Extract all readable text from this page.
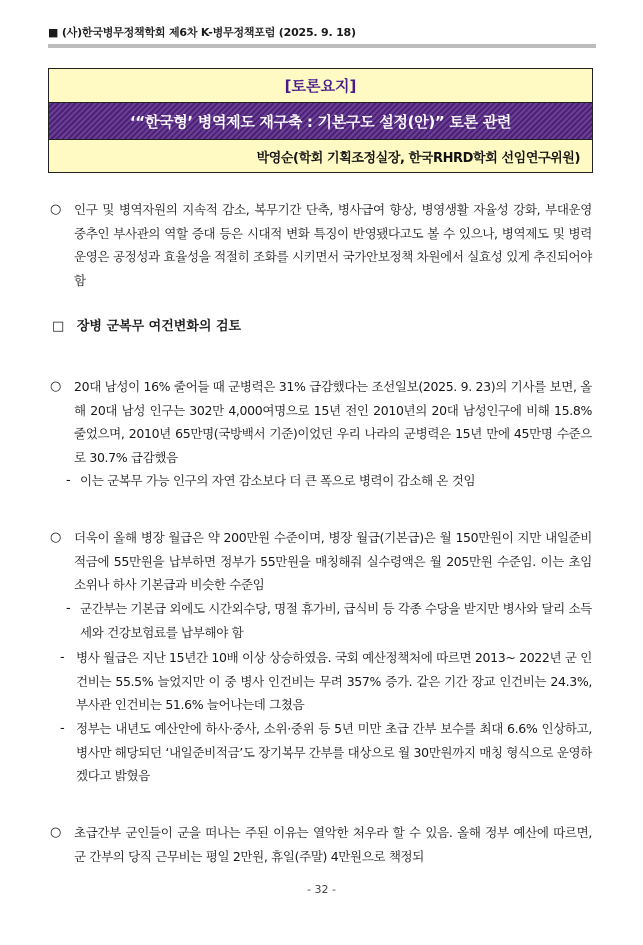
■ (사)한국병무정책학회 제6차 K-병무정책포럼 (2025. 9. 18)
[토론요지]
‘“한국형’ 병역제도 재구축 : 기본구도 설정(안)” 토론 관련
박영순(학회 기획조정실장, 한국RHRD학회 선임연구위원)
○ 인구 및 병역자원의 지속적 감소, 복무기간 단축, 병사급여 향상, 병영생활 자율성 강화, 부대운영 중추인 부사관의 역할 증대 등은 시대적 변화 특징이 반영됐다고도 볼 수 있으나, 병역제도 및 병력운영은 공정성과 효율성을 적절히 조화를 시키면서 국가안보정책 차원에서 실효성 있게 추진되어야 함
□ 장병 군복무 여건변화의 검토
○ 20대 남성이 16% 줄어들 때 군병력은 31% 급감했다는 조선일보(2025. 9. 23)의 기사를 보면, 올해 20대 남성 인구는 302만 4,000여명으로 15년 전인 2010년의 20대 남성인구에 비해 15.8% 줄었으며, 2010년 65만명(국방백서 기준)이었던 우리 나라의 군병력은 15년 만에 45만명 수준으로 30.7% 급감했음
- 이는 군복무 가능 인구의 자연 감소보다 더 큰 폭으로 병력이 감소해 온 것임
○ 더욱이 올해 병장 월급은 약 200만원 수준이며, 병장 월급(기본급)은 월 150만원이 지만 내일준비적금에 55만원을 납부하면 정부가 55만원을 매칭해줘 실수령액은 월 205만원 수준임. 이는 초임 소위나 하사 기본급과 비슷한 수준임
- 군간부는 기본급 외에도 시간외수당, 명절 휴가비, 급식비 등 각종 수당을 받지만 병사와 달리 소득세와 건강보험료를 납부해야 함
- 병사 월급은 지난 15년간 10배 이상 상승하였음. 국회 예산정책처에 따르면 2013~ 2022년 군 인건비는 55.5% 늘었지만 이 중 병사 인건비는 무려 357% 증가. 같은 기간 장교 인건비는 24.3%, 부사관 인건비는 51.6% 늘어나는데 그쳤음
- 정부는 내년도 예산안에 하사·중사, 소위·중위 등 5년 미만 초급 간부 보수를 최대 6.6% 인상하고, 병사만 해당되던 ‘내일준비적금’도 장기복무 간부를 대상으로 월 30만원까지 매칭 형식으로 운영하겠다고 밝혔음
○ 초급간부 군인들이 군을 떠나는 주된 이유는 열악한 처우라 할 수 있음. 올해 정부 예산에 따르면, 군 간부의 당직 근무비는 평일 2만원, 휴일(주말) 4만원으로 책정되
- 32 -
